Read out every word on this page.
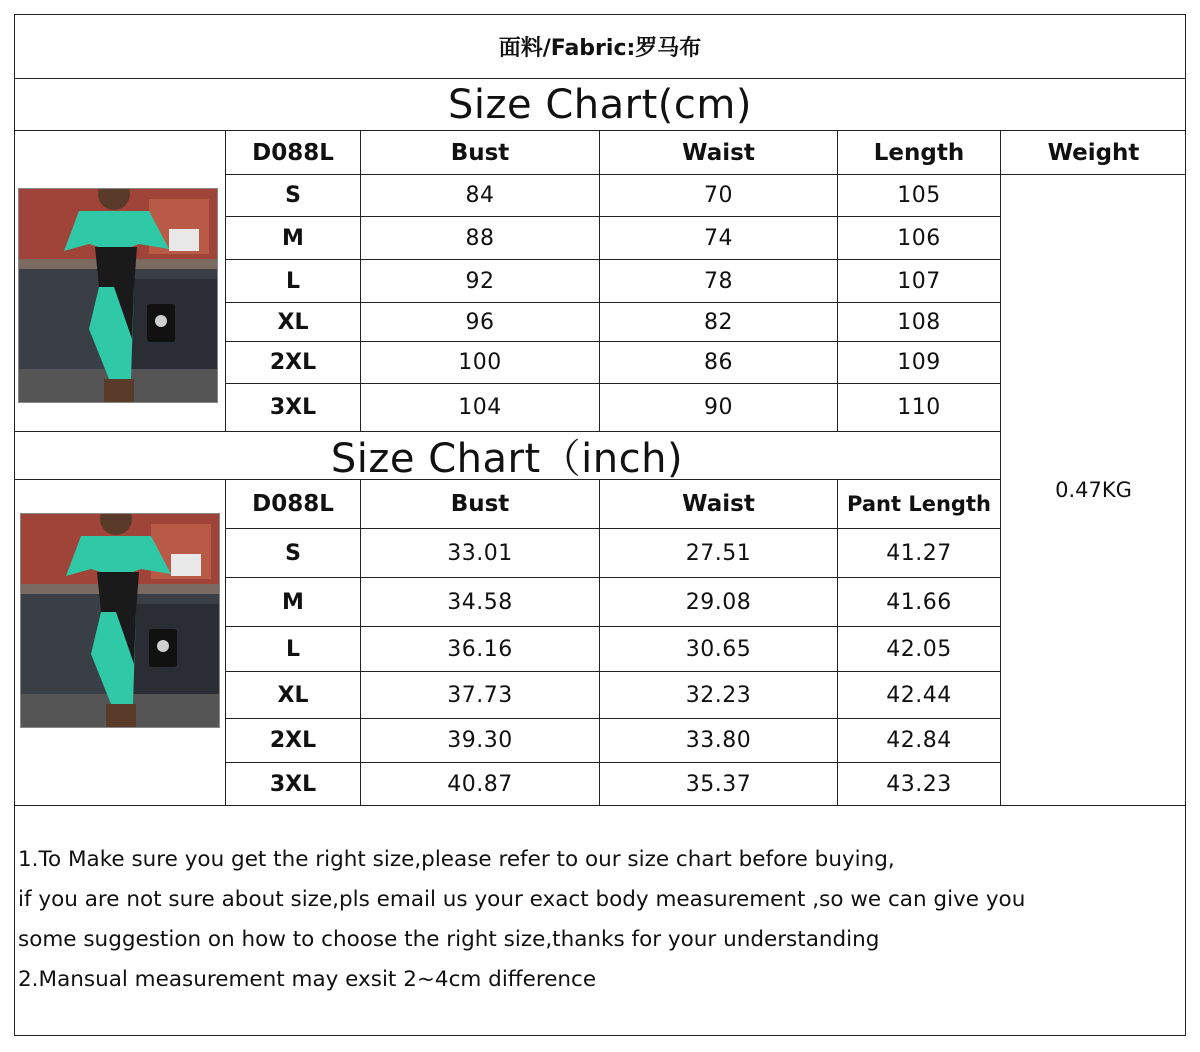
面料/Fabric:罗马布
Size Chart(cm)
D088L	Bust	Waist	Length	Weight
S	84	70	105
M	88	74	106
L	92	78	107
XL	96	82	108
2XL	100	86	109
3XL	104	90	110
Size Chart（inch)
D088L	Bust	Waist	Pant Length
S	33.01	27.51	41.27
M	34.58	29.08	41.66
L	36.16	30.65	42.05
XL	37.73	32.23	42.44
2XL	39.30	33.80	42.84
3XL	40.87	35.37	43.23
0.47KG
1.To Make sure you get the right size,please refer to our size chart before buying,
if you are not sure about size,pls email us your exact body measurement ,so we can give you
some suggestion on how to choose the right size,thanks for your understanding
2.Mansual measurement may exsit 2~4cm difference
